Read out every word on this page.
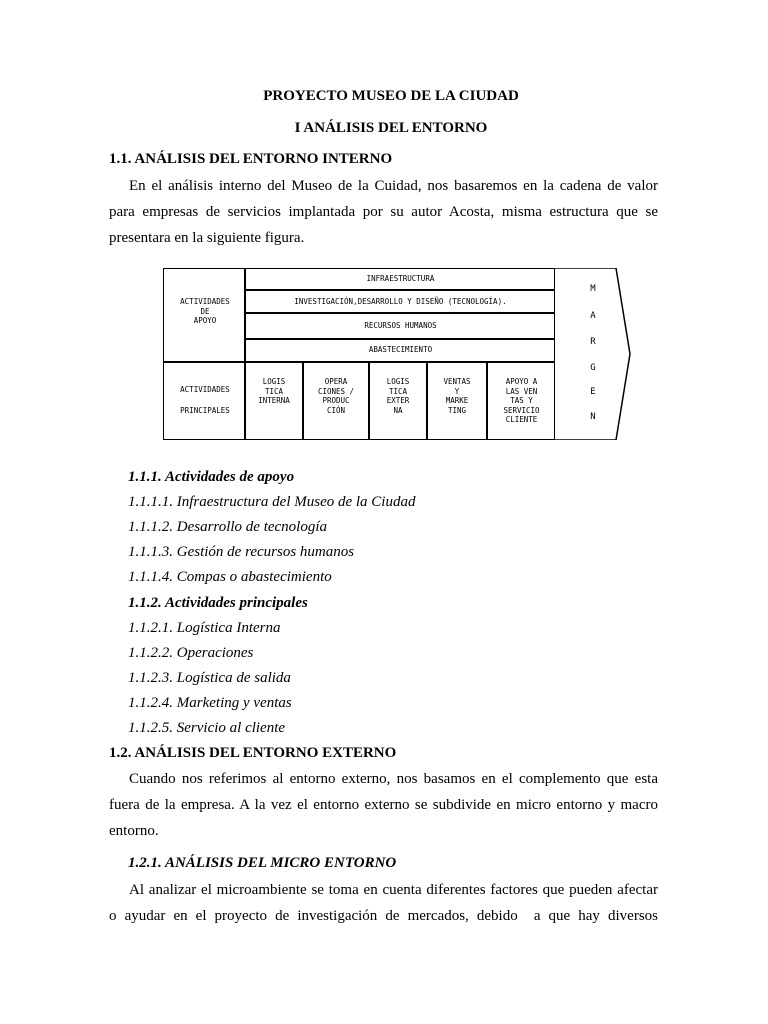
PROYECTO MUSEO DE LA CIUDAD
I ANÁLISIS DEL ENTORNO
1.1. ANÁLISIS DEL ENTORNO INTERNO
En el análisis interno del Museo de la Cuidad, nos basaremos en la cadena de valor
para empresas de servicios implantada por su autor Acosta, misma estructura que se
presentara en la siguiente figura.
ACTIVIDADES
DE
APOYO
ACTIVIDADES
PRINCIPALES
INFRAESTRUCTURA
INVESTIGACIÓN,DESARROLLO Y DISEÑO (TECNOLOGÍA).
RECURSOS HUMANOS
ABASTECIMIENTO
LOGIS
TICA
INTERNA
OPERA
CIONES /
PRODUC
CIÓN
LOGIS
TICA
EXTER
NA
VENTAS
Y
MARKE
TING
APOYO A
LAS VEN
TAS Y
SERVICIO
CLIENTE
M
A
R
G
E
N
1.1.1. Actividades de apoyo
1.1.1.1. Infraestructura del Museo de la Ciudad
1.1.1.2. Desarrollo de tecnología
1.1.1.3. Gestión de recursos humanos
1.1.1.4. Compas o abastecimiento
1.1.2. Actividades principales
1.1.2.1. Logística Interna
1.1.2.2. Operaciones
1.1.2.3. Logística de salida
1.1.2.4. Marketing y ventas
1.1.2.5. Servicio al cliente
1.2. ANÁLISIS DEL ENTORNO EXTERNO
Cuando nos referimos al entorno externo, nos basamos en el complemento que esta
fuera de la empresa. A la vez el entorno externo se subdivide en micro entorno y macro
entorno.
1.2.1. ANÁLISIS DEL MICRO ENTORNO
Al analizar el microambiente se toma en cuenta diferentes factores que pueden afectar
o ayudar en el proyecto de investigación de mercados, debido  a que hay diversos
